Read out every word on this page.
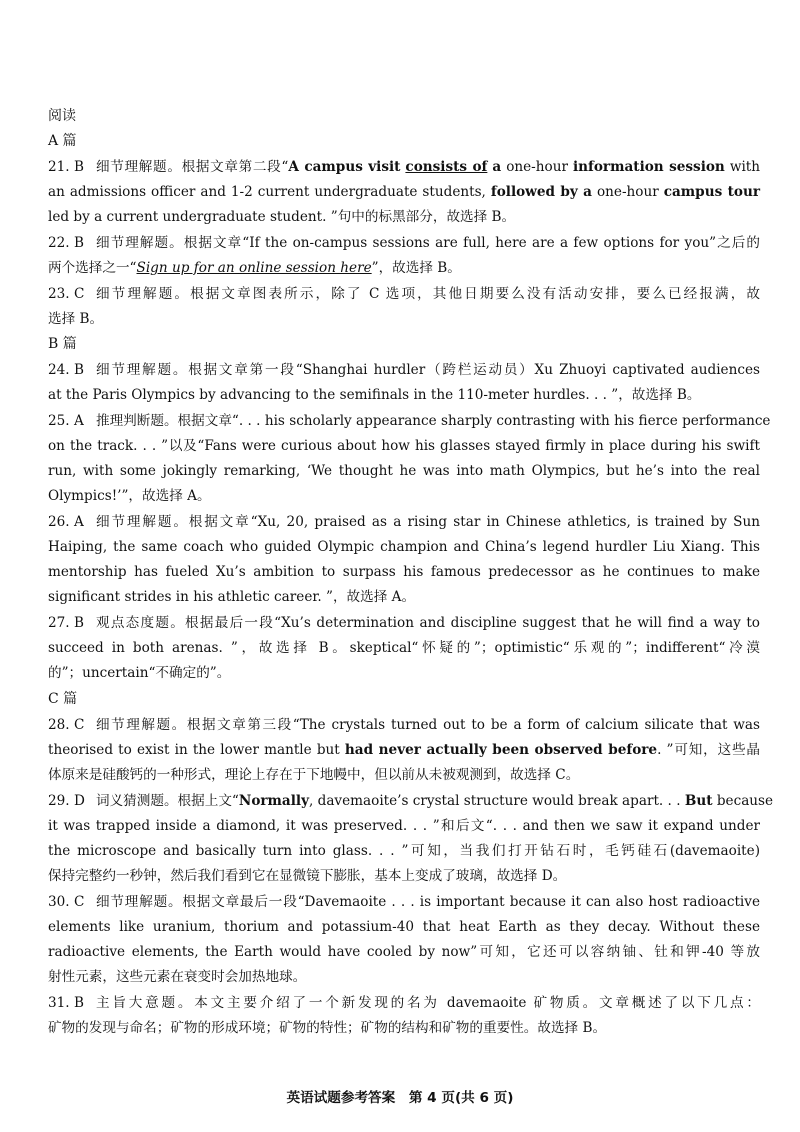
阅读
A 篇
21. B 细节理解题。根据文章第二段“A campus visit consists of a one-hour information session with
an admissions officer and 1-2 current undergraduate students, followed by a one-hour campus tour
led by a current undergraduate student. ”句中的标黑部分，故选择 B。
22. B 细节理解题。根据文章“If the on-campus sessions are full, here are a few options for you”之后的
两个选择之一“Sign up for an online session here”，故选择 B。
23. C 细节理解题。根据文章图表所示，除了 C 选项，其他日期要么没有活动安排，要么已经报满，故
选择 B。
B 篇
24. B 细节理解题。根据文章第一段“Shanghai hurdler（跨栏运动员）Xu Zhuoyi captivated audiences
at the Paris Olympics by advancing to the semifinals in the 110-meter hurdles. . . ”，故选择 B。
25. A 推理判断题。根据文章“. . . his scholarly appearance sharply contrasting with his fierce performance
on the track. . . ”以及“Fans were curious about how his glasses stayed firmly in place during his swift
run, with some jokingly remarking, ‘We thought he was into math Olympics, but he’s into the real
Olympics!’”，故选择 A。
26. A 细节理解题。根据文章“Xu, 20, praised as a rising star in Chinese athletics, is trained by Sun
Haiping, the same coach who guided Olympic champion and China’s legend hurdler Liu Xiang. This
mentorship has fueled Xu’s ambition to surpass his famous predecessor as he continues to make
significant strides in his athletic career. ”，故选择 A。
27. B 观点态度题。根据最后一段“Xu’s determination and discipline suggest that he will find a way to
succeed in both arenas. ”，故选择 B。skeptical“怀疑的”；optimistic“乐观的”；indifferent“冷漠
的”；uncertain“不确定的”。
C 篇
28. C 细节理解题。根据文章第三段“The crystals turned out to be a form of calcium silicate that was
theorised to exist in the lower mantle but had never actually been observed before. ”可知，这些晶
体原来是硅酸钙的一种形式，理论上存在于下地幔中，但以前从未被观测到，故选择 C。
29. D 词义猜测题。根据上文“Normally, davemaoite’s crystal structure would break apart. . . But because
it was trapped inside a diamond, it was preserved. . . ”和后文“. . . and then we saw it expand under
the microscope and basically turn into glass. . . ”可知，当我们打开钻石时，毛钙硅石(davemaoite)
保持完整约一秒钟，然后我们看到它在显微镜下膨胀，基本上变成了玻璃，故选择 D。
30. C 细节理解题。根据文章最后一段“Davemaoite . . . is important because it can also host radioactive
elements like uranium, thorium and potassium-40 that heat Earth as they decay. Without these
radioactive elements, the Earth would have cooled by now”可知，它还可以容纳铀、钍和钾-40 等放
射性元素，这些元素在衰变时会加热地球。
31. B 主旨大意题。本文主要介绍了一个新发现的名为 davemaoite 矿物质。文章概述了以下几点：
矿物的发现与命名；矿物的形成环境；矿物的特性；矿物的结构和矿物的重要性。故选择 B。
英语试题参考答案　第 4 页(共 6 页)
